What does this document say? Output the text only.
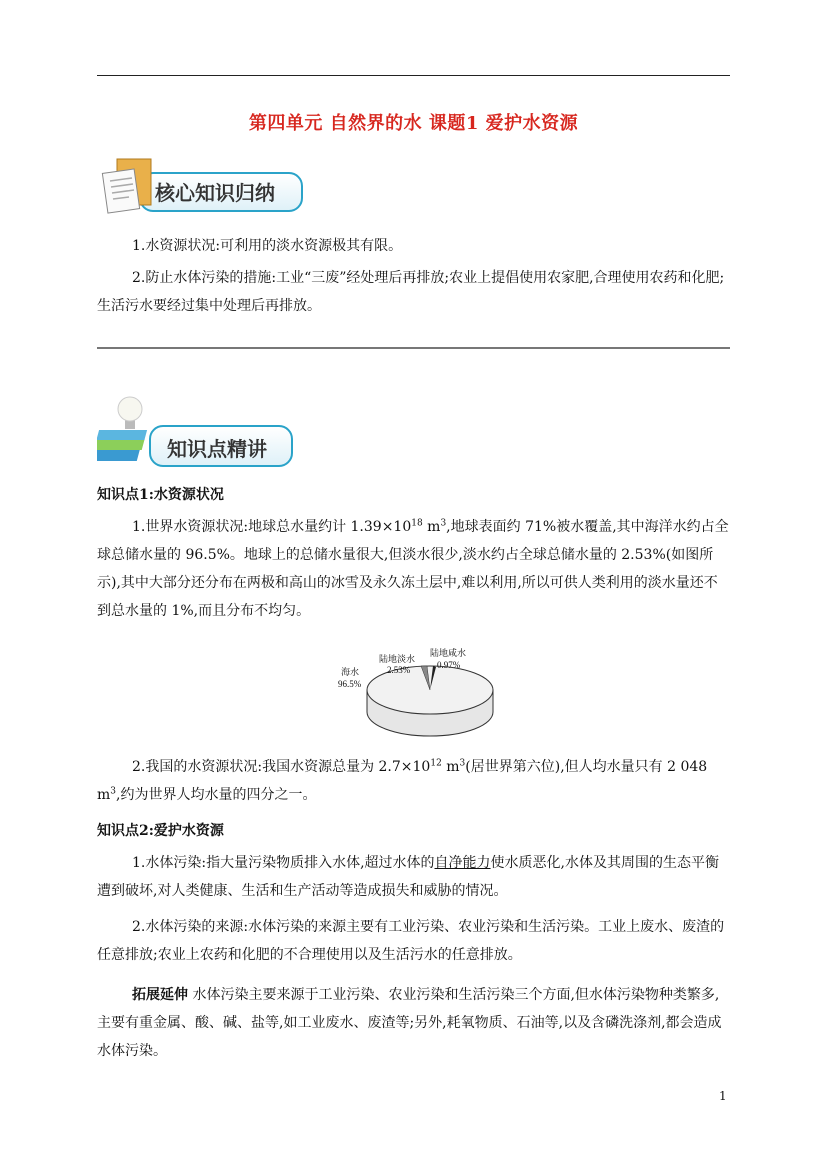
第四单元 自然界的水 课题1 爱护水资源
核心知识归纳
1.水资源状况:可利用的淡水资源极其有限。
2.防止水体污染的措施:工业“三废”经处理后再排放;农业上提倡使用农家肥,合理使用农药和化肥;生活污水要经过集中处理后再排放。
知识点精讲
知识点1:水资源状况
1.世界水资源状况:地球总水量约计 $1.39\times 10^{18}$ $m^3$,地球表面约 71%被水覆盖,其中海洋水约占全球总储水量的 96.5%。地球上的总储水量很大,但淡水很少,淡水约占全球总储水量的 2.53%(如图所示),其中大部分还分布在两极和高山的冰雪及永久冻土层中,难以利用,所以可供人类利用的淡水量还不到总水量的 1%,而且分布不均匀。
海水
96.5%
陆地淡水
2.53%
陆地咸水
0.97%
2.我国的水资源状况:我国水资源总量为 $2.7\times 10^{12}$ $m^3$(居世界第六位),但人均水量只有 2 048 $m^3$,约为世界人均水量的四分之一。
知识点2:爱护水资源
1.水体污染:指大量污染物质排入水体,超过水体的自净能力使水质恶化,水体及其周围的生态平衡遭到破坏,对人类健康、生活和生产活动等造成损失和威胁的情况。
2.水体污染的来源:水体污染的来源主要有工业污染、农业污染和生活污染。工业上废水、废渣的任意排放;农业上农药和化肥的不合理使用以及生活污水的任意排放。
拓展延伸 水体污染主要来源于工业污染、农业污染和生活污染三个方面,但水体污染物种类繁多,主要有重金属、酸、碱、盐等,如工业废水、废渣等;另外,耗氧物质、石油等,以及含磷洗涤剂,都会造成水体污染。
1
